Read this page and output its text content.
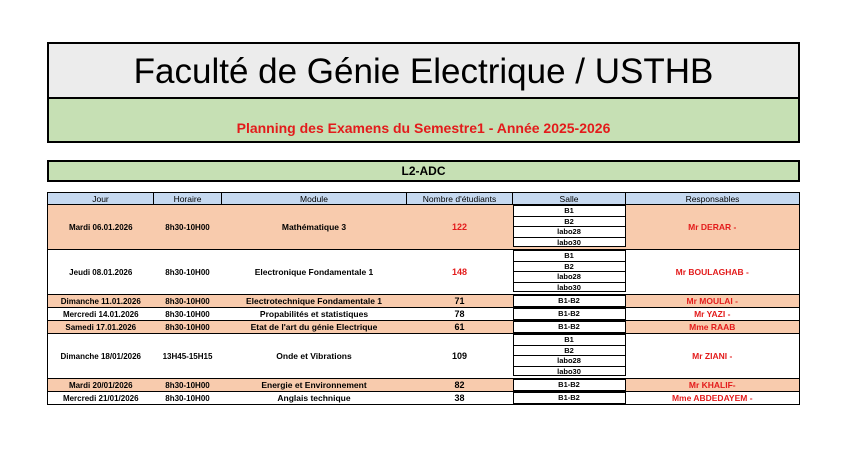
Faculté de Génie Electrique / USTHB
Planning des Examens du Semestre1 - Année 2025-2026
L2-ADC
Jour	Horaire	Module	Nombre d'étudiants	Salle	Responsables
Mardi 06.01.2026	8h30-10H00	Mathématique 3	122	B1
B2
labo28
labo30	Mr DERAR -
Jeudi 08.01.2026	8h30-10H00	Electronique Fondamentale 1	148	B1
B2
labo28
labo30	Mr BOULAGHAB -
Dimanche 11.01.2026	8h30-10H00	Electrotechnique Fondamentale 1	71	B1-B2	Mr MOULAI -
Mercredi 14.01.2026	8h30-10H00	Propabilités et statistiques	78	B1-B2	Mr YAZI -
Samedi 17.01.2026	8h30-10H00	Etat de l'art du génie Electrique	61	B1-B2	Mme RAAB
Dimanche 18/01/2026	13H45-15H15	Onde et Vibrations	109	B1
B2
labo28
labo30	Mr ZIANI -
Mardi 20/01/2026	8h30-10H00	Energie et Environnement	82	B1-B2	Mr KHALIF-
Mercredi 21/01/2026	8h30-10H00	Anglais technique	38	B1-B2	Mme ABDEDAYEM -
